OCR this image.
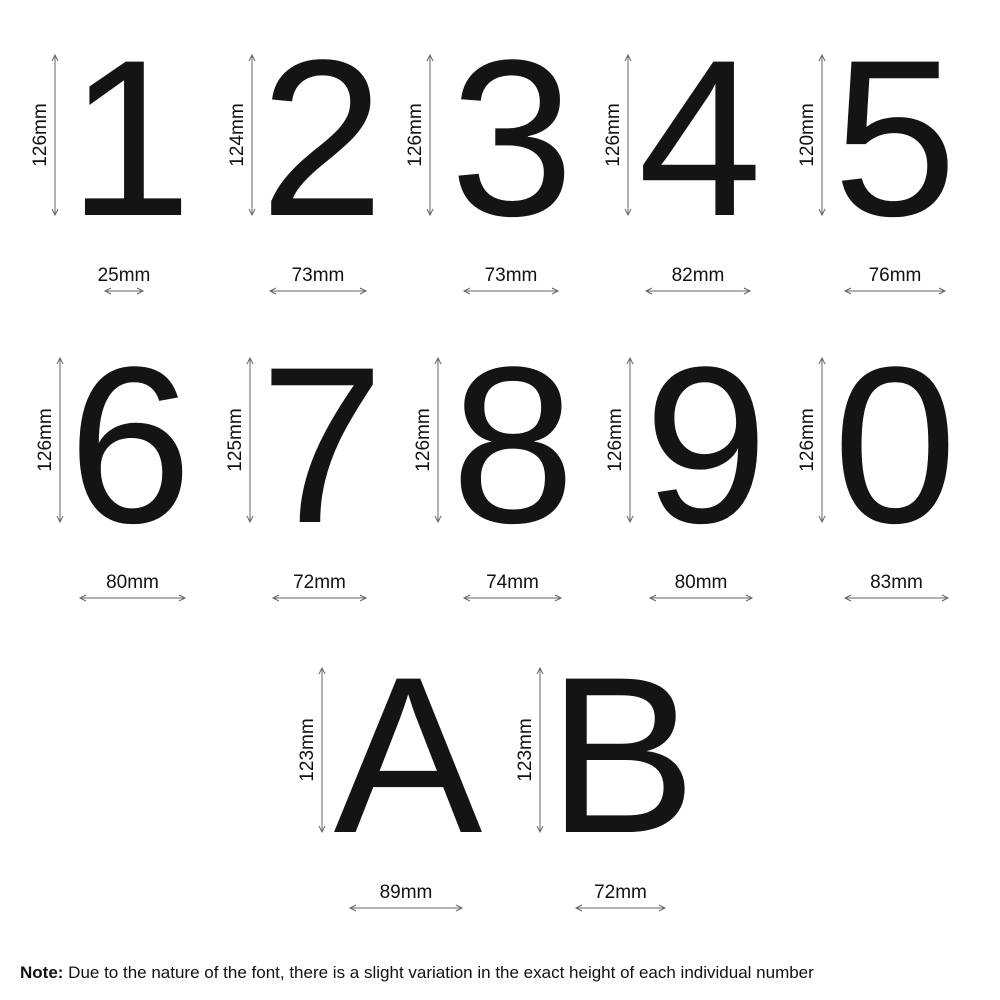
1
126mm
25mm
2
124mm
73mm
3
126mm
73mm
4
126mm
82mm
5
120mm
76mm
6
126mm
80mm
7
125mm
72mm
8
126mm
74mm
9
126mm
80mm
0
126mm
83mm
A
123mm
89mm
B
123mm
72mm
Note: Due to the nature of the font, there is a slight variation in the exact height of each individual number
